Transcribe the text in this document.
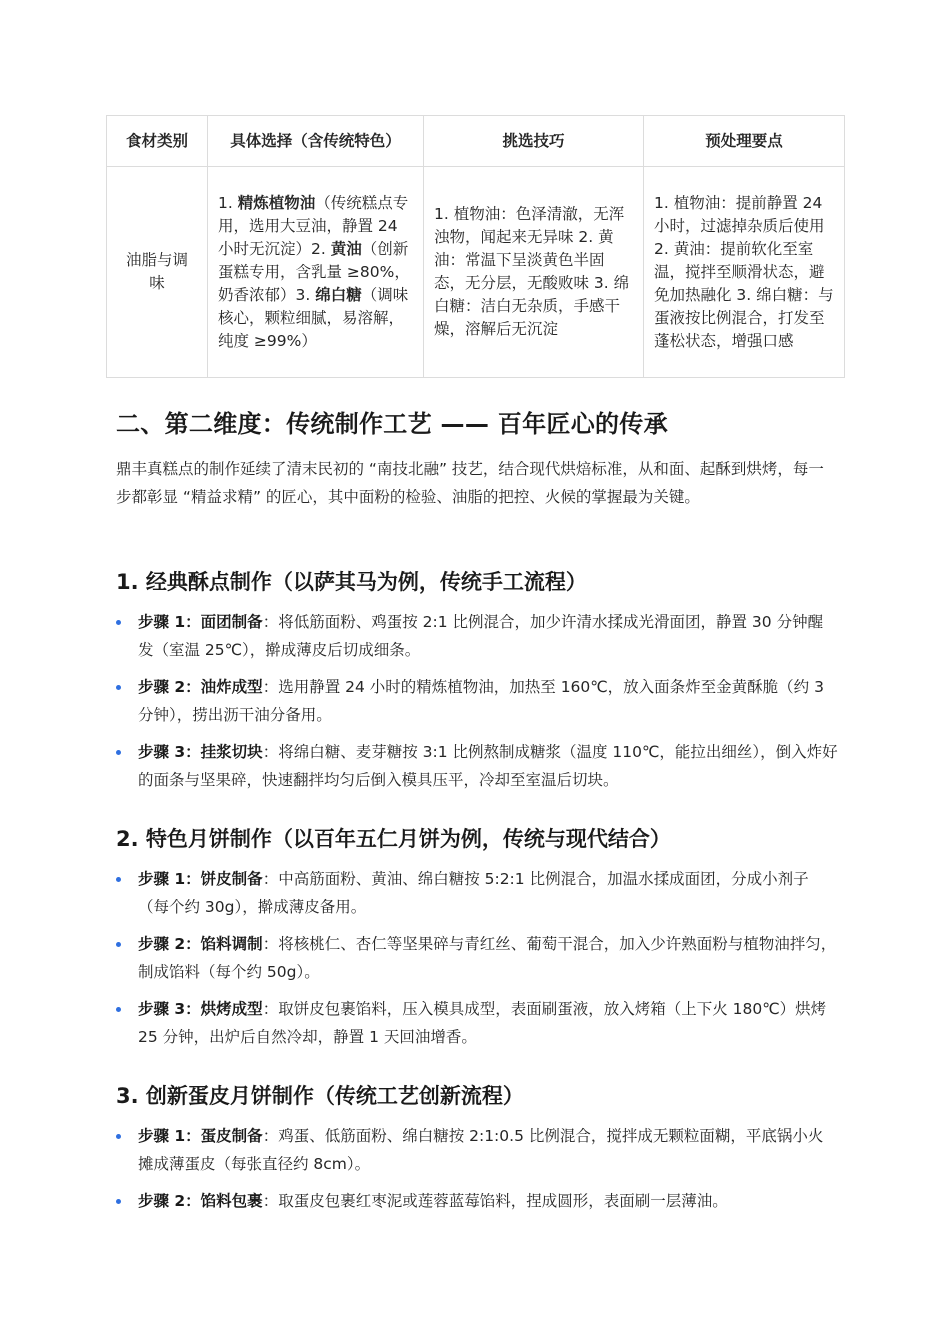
食材类别	具体选择（含传统特色）	挑选技巧	预处理要点
油脂与调味	1. 精炼植物油（传统糕点专用，选用大豆油，静置 24 小时无沉淀）2. 黄油（创新蛋糕专用，含乳量 ≥80%，奶香浓郁）3. 绵白糖（调味核心，颗粒细腻，易溶解，纯度 ≥99%）	1. 植物油：色泽清澈，无浑浊物，闻起来无异味 2. 黄油：常温下呈淡黄色半固态，无分层，无酸败味 3. 绵白糖：洁白无杂质，手感干燥，溶解后无沉淀	1. 植物油：提前静置 24 小时，过滤掉杂质后使用 2. 黄油：提前软化至室温，搅拌至顺滑状态，避免加热融化 3. 绵白糖：与蛋液按比例混合，打发至蓬松状态，增强口感
二、第二维度：传统制作工艺 —— 百年匠心的传承

鼎丰真糕点的制作延续了清末民初的 “南技北融” 技艺，结合现代烘焙标准，从和面、起酥到烘烤，每一步都彰显 “精益求精” 的匠心，其中面粉的检验、油脂的把控、火候的掌握最为关键。

1. 经典酥点制作（以萨其马为例，传统手工流程）
步骤 1：面团制备：将低筋面粉、鸡蛋按 2:1 比例混合，加少许清水揉成光滑面团，静置 30 分钟醒发（室温 25℃），擀成薄皮后切成细条。
步骤 2：油炸成型：选用静置 24 小时的精炼植物油，加热至 160℃，放入面条炸至金黄酥脆（约 3 分钟），捞出沥干油分备用。
步骤 3：挂浆切块：将绵白糖、麦芽糖按 3:1 比例熬制成糖浆（温度 110℃，能拉出细丝），倒入炸好的面条与坚果碎，快速翻拌均匀后倒入模具压平，冷却至室温后切块。
2. 特色月饼制作（以百年五仁月饼为例，传统与现代结合）
步骤 1：饼皮制备：中高筋面粉、黄油、绵白糖按 5:2:1 比例混合，加温水揉成面团，分成小剂子（每个约 30g），擀成薄皮备用。
步骤 2：馅料调制：将核桃仁、杏仁等坚果碎与青红丝、葡萄干混合，加入少许熟面粉与植物油拌匀，制成馅料（每个约 50g）。
步骤 3：烘烤成型：取饼皮包裹馅料，压入模具成型，表面刷蛋液，放入烤箱（上下火 180℃）烘烤 25 分钟，出炉后自然冷却，静置 1 天回油增香。
3. 创新蛋皮月饼制作（传统工艺创新流程）
步骤 1：蛋皮制备：鸡蛋、低筋面粉、绵白糖按 2:1:0.5 比例混合，搅拌成无颗粒面糊，平底锅小火摊成薄蛋皮（每张直径约 8cm）。
步骤 2：馅料包裹：取蛋皮包裹红枣泥或莲蓉蓝莓馅料，捏成圆形，表面刷一层薄油。
